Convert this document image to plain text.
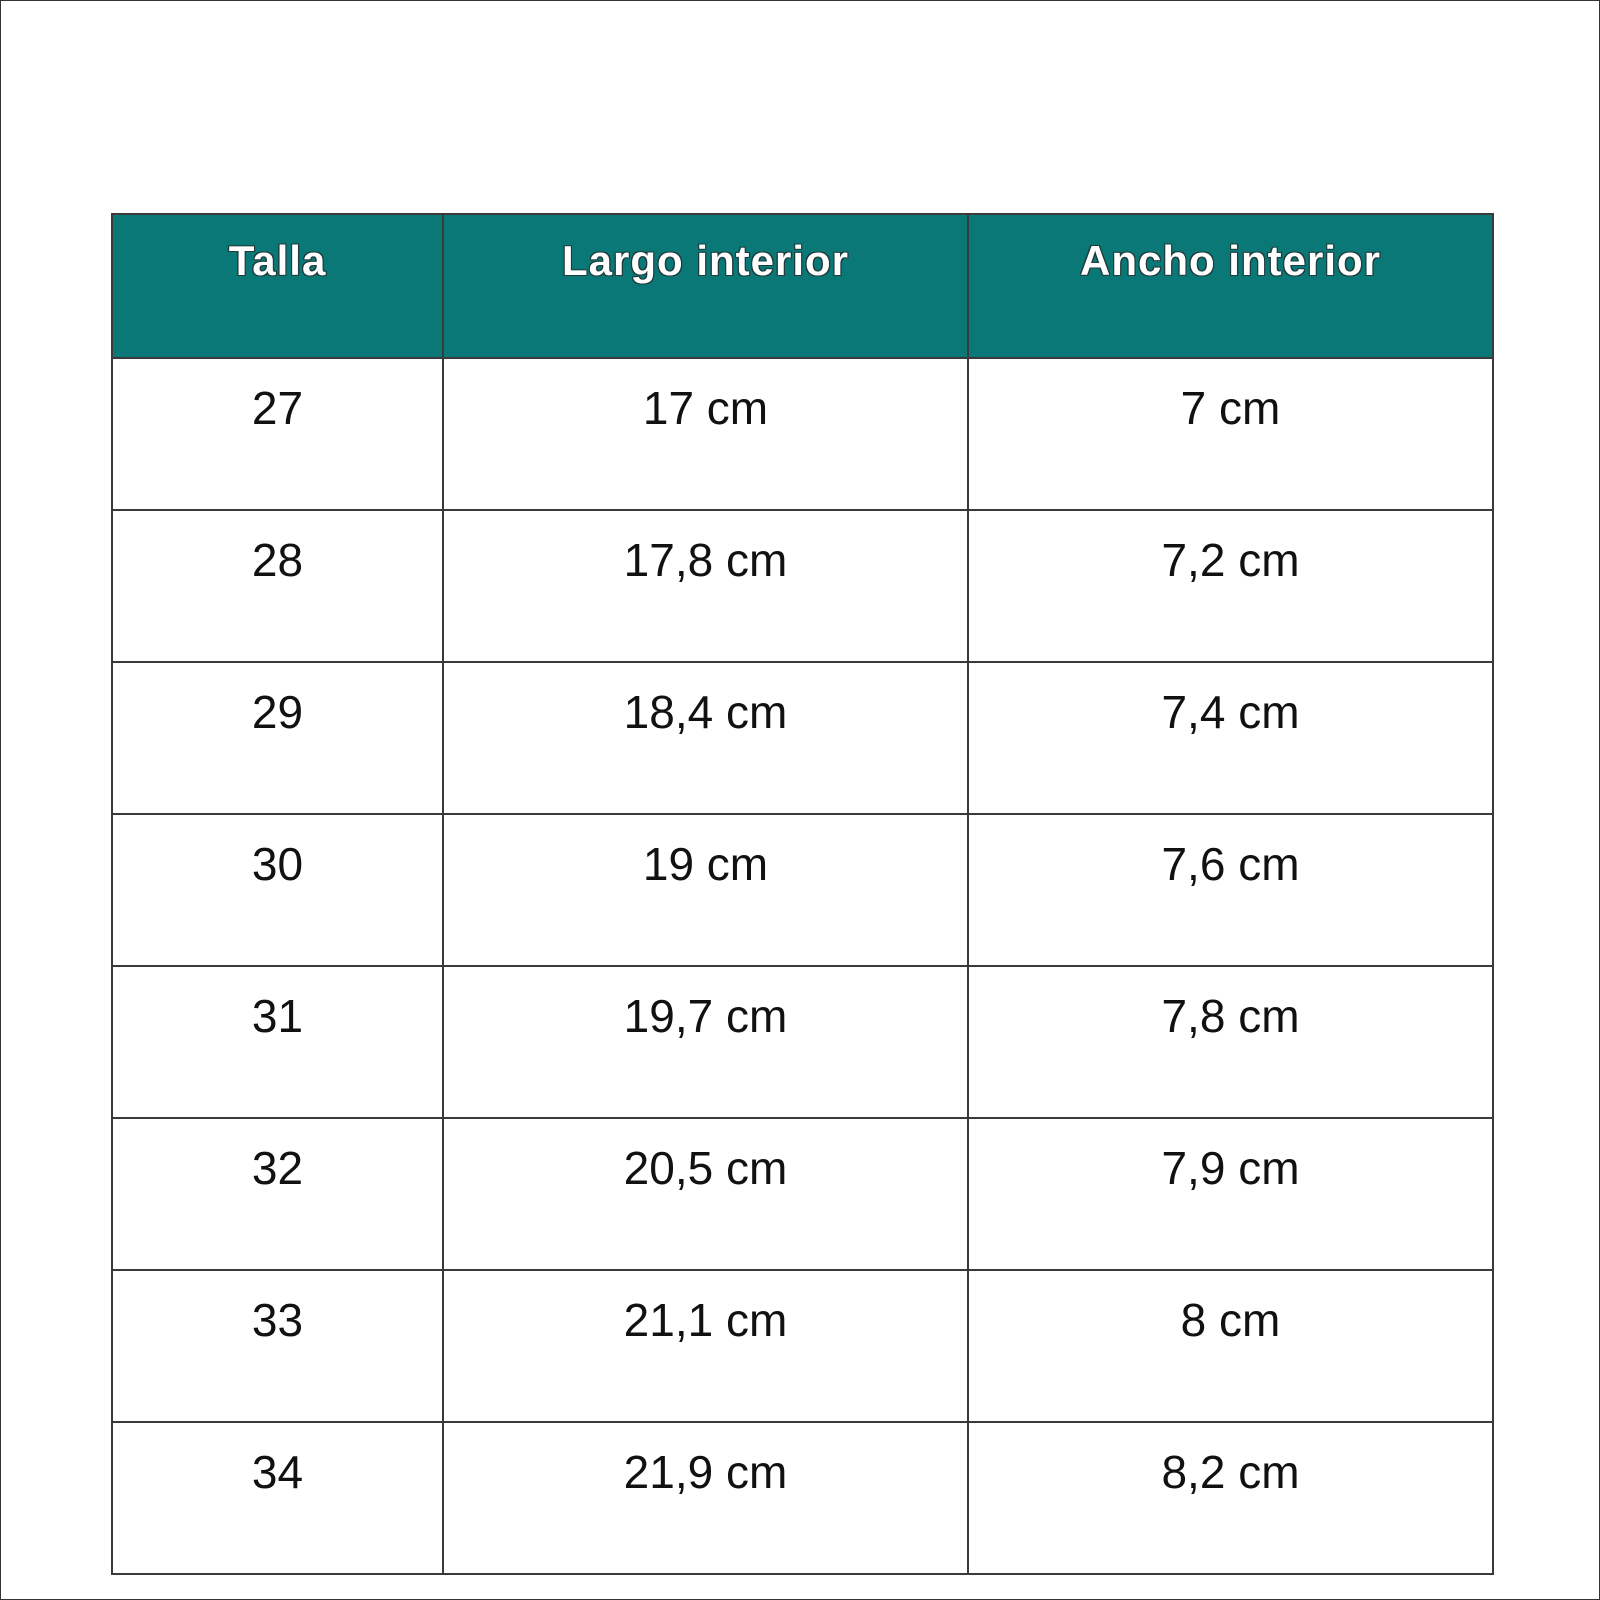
Talla	Largo interior	Ancho interior
27	17 cm	7 cm
28	17,8 cm	7,2 cm
29	18,4 cm	7,4 cm
30	19 cm	7,6 cm
31	19,7 cm	7,8 cm
32	20,5 cm	7,9 cm
33	21,1 cm	8 cm
34	21,9 cm	8,2 cm
